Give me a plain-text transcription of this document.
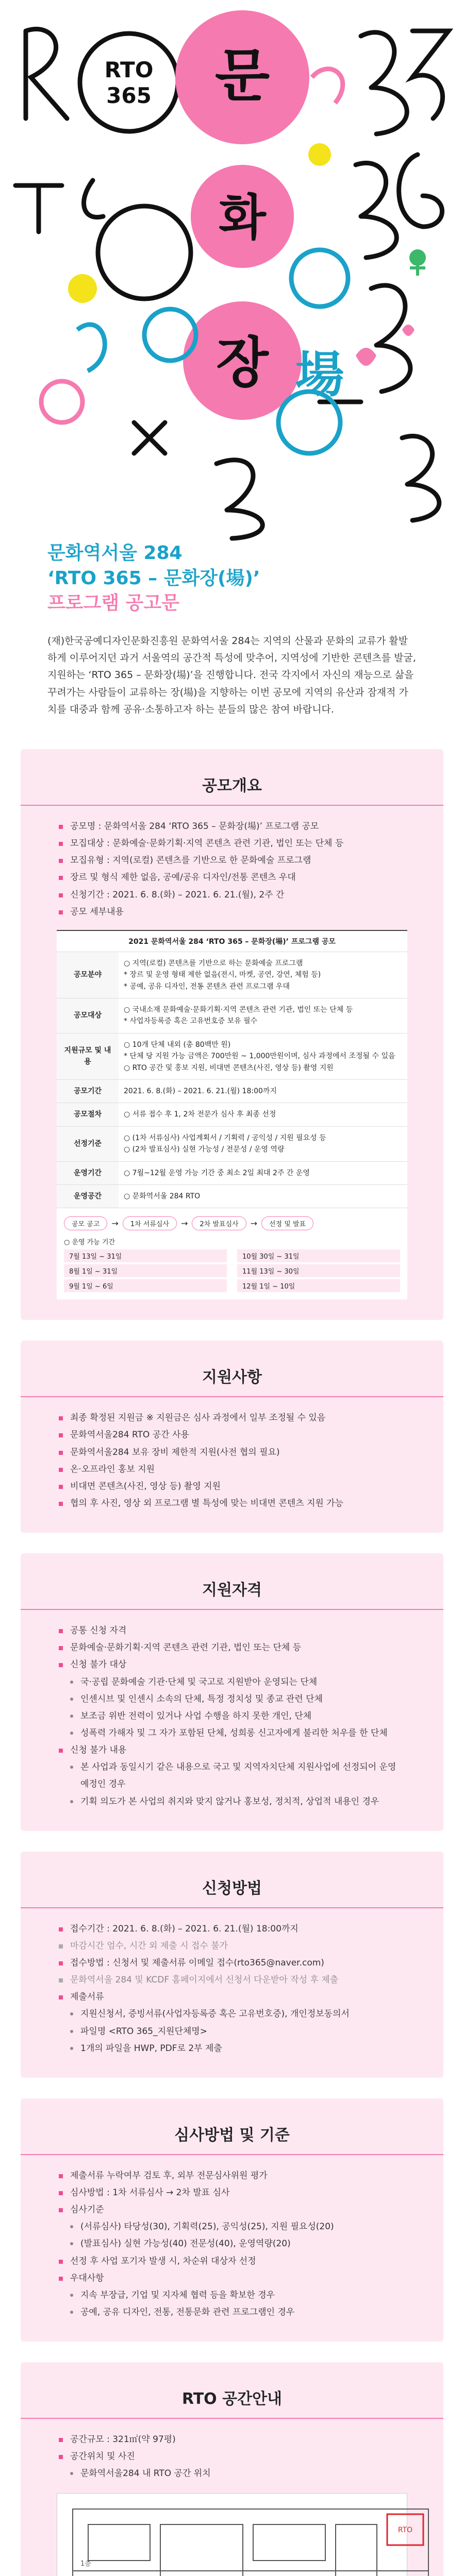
RTO
365 문
화
장 場
문화역서울 284
‘RTO 365 – 문화장(場)’
프로그램 공고문

(재)한국공예디자인문화진흥원 문화역서울 284는 지역의 산물과 문화의 교류가 활발하게 이루어지던 과거 서울역의 공간적 특성에 맞추어, 지역성에 기반한 콘텐츠를 발굴, 지원하는 ‘RTO 365 – 문화장(場)’을 진행합니다. 전국 각지에서 자신의 재능으로 삶을 꾸려가는 사람들이 교류하는 장(場)을 지향하는 이번 공모에 지역의 유산과 잠재적 가치를 대중과 함께 공유·소통하고자 하는 분들의 많은 참여 바랍니다.

공모개요
공모명 : 문화역서울 284 ‘RTO 365 – 문화장(場)’ 프로그램 공모
모집대상 : 문화예술·문화기획·지역 콘텐츠 관련 기관, 법인 또는 단체 등
모집유형 : 지역(로컬) 콘텐츠를 기반으로 한 문화예술 프로그램
장르 및 형식 제한 없음, 공예/공유 디자인/전통 콘텐츠 우대
신청기간 : 2021. 6. 8.(화) – 2021. 6. 21.(월), 2주 간
공모 세부내용
2021 문화역서울 284 ‘RTO 365 – 문화장(場)’ 프로그램 공모
공모분야	○ 지역(로컬) 콘텐츠를 기반으로 하는 문화예술 프로그램
* 장르 및 운영 형태 제한 없음(전시, 마켓, 공연, 강연, 체험 등)
* 공예, 공유 디자인, 전통 콘텐츠 관련 프로그램 우대
공모대상	○ 국내소재 문화예술·문화기획·지역 콘텐츠 관련 기관, 법인 또는 단체 등
* 사업자등록증 혹은 고유번호증 보유 필수
지원규모 및 내용	○ 10개 단체 내외 (총 80백만 원)
* 단체 당 지원 가능 금액은 700만원 ~ 1,000만원이며, 심사 과정에서 조정될 수 있음
○ RTO 공간 및 홍보 지원, 비대면 콘텐츠(사진, 영상 등) 촬영 지원
공모기간	2021. 6. 8.(화) – 2021. 6. 21.(월) 18:00까지
공모절차	○ 서류 접수 후 1, 2차 전문가 심사 후 최종 선정
선정기준	○ (1차 서류심사) 사업계획서 / 기획력 / 공익성 / 지원 필요성 등
○ (2차 발표심사) 실현 가능성 / 전문성 / 운영 역량
운영기간	○ 7월~12월 운영 가능 기간 중 최소 2일 최대 2주 간 운영
운영공간	○ 문화역서울 284 RTO
공모 공고	→	1차 서류심사	→	2차 발표심사	→	선정 및 발표
○ 운영 가능 기간
7월 13일 ~ 31일	10월 30일 ~ 31일
8월 1일 ~ 31일	11월 13일 ~ 30일
9월 1일 ~ 6일	12월 1일 ~ 10일
지원사항
최종 확정된 지원금 ※ 지원금은 심사 과정에서 일부 조정될 수 있음
문화역서울284 RTO 공간 사용
문화역서울284 보유 장비 제한적 지원(사전 협의 필요)
온·오프라인 홍보 지원
비대면 콘텐츠(사진, 영상 등) 촬영 지원
협의 후 사진, 영상 외 프로그램 별 특성에 맞는 비대면 콘텐츠 지원 가능
지원자격
공통 신청 자격
문화예술·문화기획·지역 콘텐츠 관련 기관, 법인 또는 단체 등
신청 불가 대상
국·공립 문화예술 기관·단체 및 국고로 지원받아 운영되는 단체
인센시브 및 인센시 소속의 단체, 특정 정치성 및 종교 관련 단체
보조금 위반 전력이 있거나 사업 수행을 하지 못한 개인, 단체
성폭력 가해자 및 그 자가 포함된 단체, 성희롱 신고자에게 불리한 처우를 한 단체
신청 불가 내용
본 사업과 동일시기 같은 내용으로 국고 및 지역자치단체 지원사업에 선정되어 운영 예정인 경우
기획 의도가 본 사업의 취지와 맞지 않거나 홍보성, 정치적, 상업적 내용인 경우
신청방법
접수기간 : 2021. 6. 8.(화) – 2021. 6. 21.(월) 18:00까지
마감시간 엄수, 시간 외 제출 시 접수 불가
접수방법 : 신청서 및 제출서류 이메일 접수(rto365@naver.com)
문화역서울 284 및 KCDF 홈페이지에서 신청서 다운받아 작성 후 제출
제출서류
지원신청서, 증빙서류(사업자등록증 혹은 고유번호증), 개인정보동의서
파일명 <RTO 365_지원단체명>
1개의 파일을 HWP, PDF로 2부 제출
심사방법 및 기준
제출서류 누락여부 검토 후, 외부 전문심사위원 평가
심사방법 : 1차 서류심사 → 2차 발표 심사
심사기준
(서류심사) 타당성(30), 기획력(25), 공익성(25), 지원 필요성(20)
(발표심사) 실현 가능성(40) 전문성(40), 운영역량(20)
선정 후 사업 포기자 발생 시, 차순위 대상자 선정
우대사항
지속 부장급, 기업 및 지자체 협력 등을 확보한 경우
공예, 공유 디자인, 전통, 전통문화 관련 프로그램인 경우
RTO 공간안내
공간규모 : 321㎡(약 97평)
공간위치 및 사진
문화역서울284 내 RTO 공간 위치
RTO
1층
